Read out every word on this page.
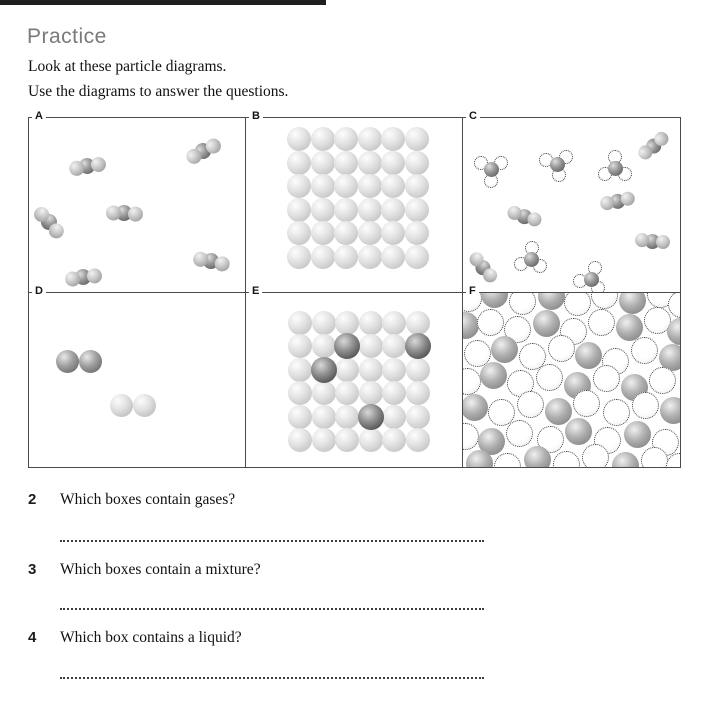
Practice
Look at these particle diagrams.
Use the diagrams to answer the questions.
A	B	C
D	E	F
2 Which boxes contain gases?
3 Which boxes contain a mixture?
4 Which box contains a liquid?
